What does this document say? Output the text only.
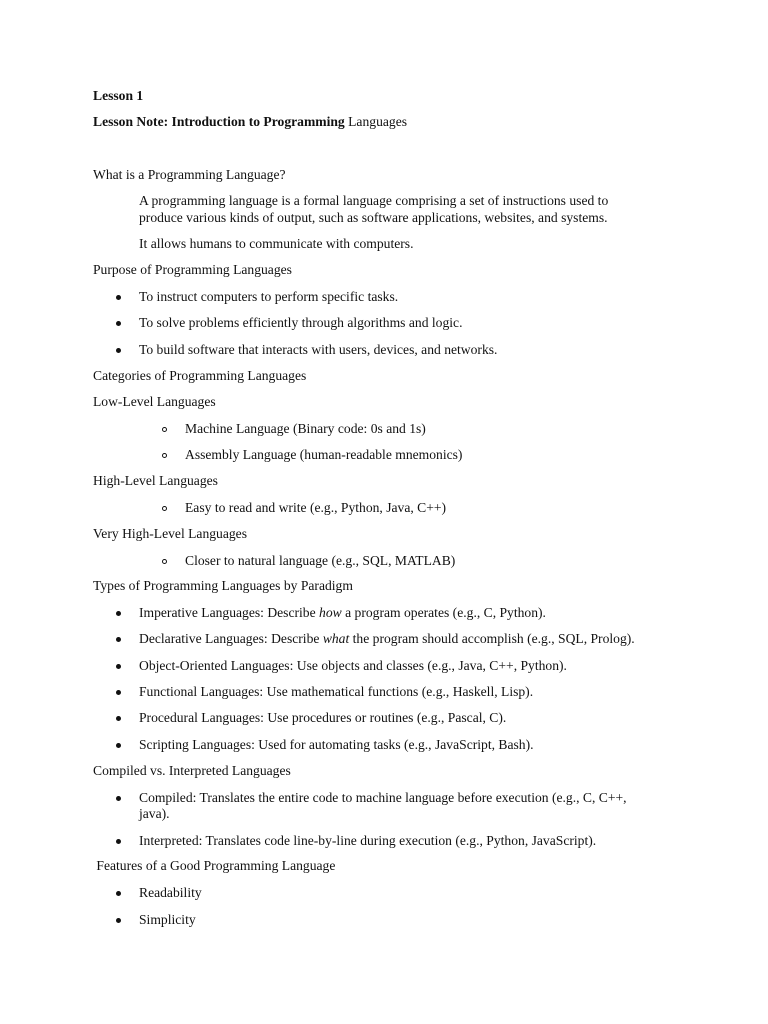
Lesson 1
Lesson Note: Introduction to Programming Languages
What is a Programming Language?
A programming language is a formal language comprising a set of instructions used to
produce various kinds of output, such as software applications, websites, and systems.
It allows humans to communicate with computers.
Purpose of Programming Languages
To instruct computers to perform specific tasks.
To solve problems efficiently through algorithms and logic.
To build software that interacts with users, devices, and networks.
Categories of Programming Languages
Low-Level Languages
Machine Language (Binary code: 0s and 1s)
Assembly Language (human-readable mnemonics)
High-Level Languages
Easy to read and write (e.g., Python, Java, C++)
Very High-Level Languages
Closer to natural language (e.g., SQL, MATLAB)
Types of Programming Languages by Paradigm
Imperative Languages: Describe how a program operates (e.g., C, Python).
Declarative Languages: Describe what the program should accomplish (e.g., SQL, Prolog).
Object-Oriented Languages: Use objects and classes (e.g., Java, C++, Python).
Functional Languages: Use mathematical functions (e.g., Haskell, Lisp).
Procedural Languages: Use procedures or routines (e.g., Pascal, C).
Scripting Languages: Used for automating tasks (e.g., JavaScript, Bash).
Compiled vs. Interpreted Languages
Compiled: Translates the entire code to machine language before execution (e.g., C, C++,
java).
Interpreted: Translates code line-by-line during execution (e.g., Python, JavaScript).
Features of a Good Programming Language
Readability
Simplicity
